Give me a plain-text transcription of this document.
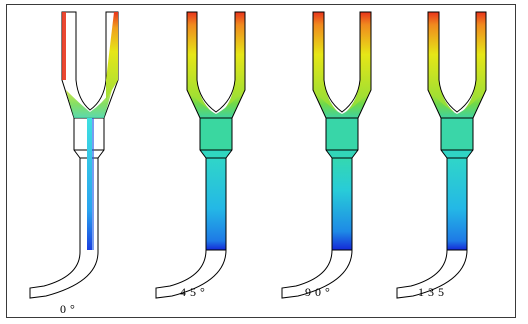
0°
45°	90°	135
